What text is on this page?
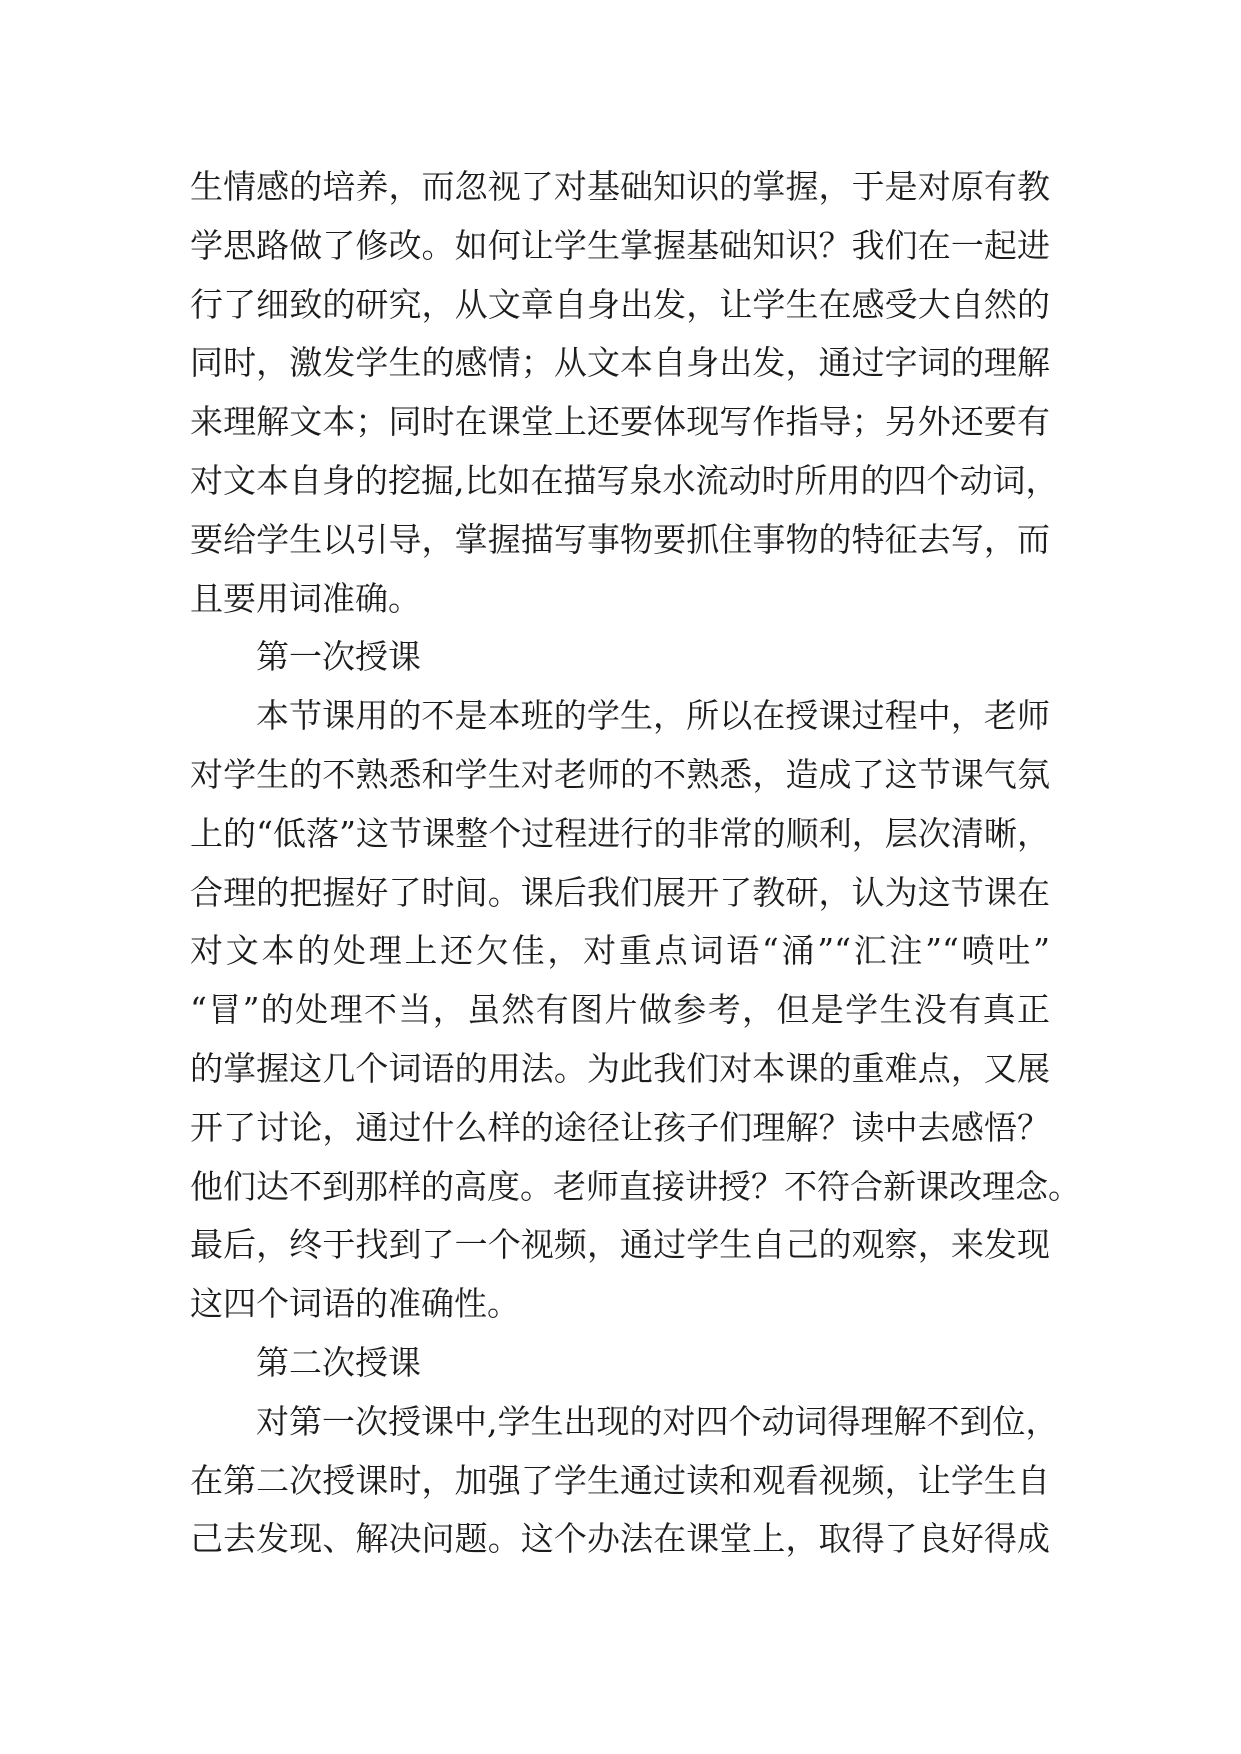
生情感的培养，而忽视了对基础知识的掌握，于是对原有教
学思路做了修改。如何让学生掌握基础知识？我们在一起进
行了细致的研究，从文章自身出发，让学生在感受大自然的
同时，激发学生的感情；从文本自身出发，通过字词的理解
来理解文本；同时在课堂上还要体现写作指导；另外还要有
对文本自身的挖掘,比如在描写泉水流动时所用的四个动词，
要给学生以引导，掌握描写事物要抓住事物的特征去写，而
且要用词准确。
第一次授课
本节课用的不是本班的学生，所以在授课过程中，老师
对学生的不熟悉和学生对老师的不熟悉，造成了这节课气氛
上的“低落”这节课整个过程进行的非常的顺利，层次清晰，
合理的把握好了时间。课后我们展开了教研，认为这节课在
对文本的处理上还欠佳，对重点词语“涌”“汇注”“喷吐”
“冒”的处理不当，虽然有图片做参考，但是学生没有真正
的掌握这几个词语的用法。为此我们对本课的重难点，又展
开了讨论，通过什么样的途径让孩子们理解？读中去感悟？
他们达不到那样的高度。老师直接讲授？不符合新课改理念。
最后，终于找到了一个视频，通过学生自己的观察，来发现
这四个词语的准确性。
第二次授课
对第一次授课中,学生出现的对四个动词得理解不到位，
在第二次授课时，加强了学生通过读和观看视频，让学生自
己去发现、解决问题。这个办法在课堂上，取得了良好得成
